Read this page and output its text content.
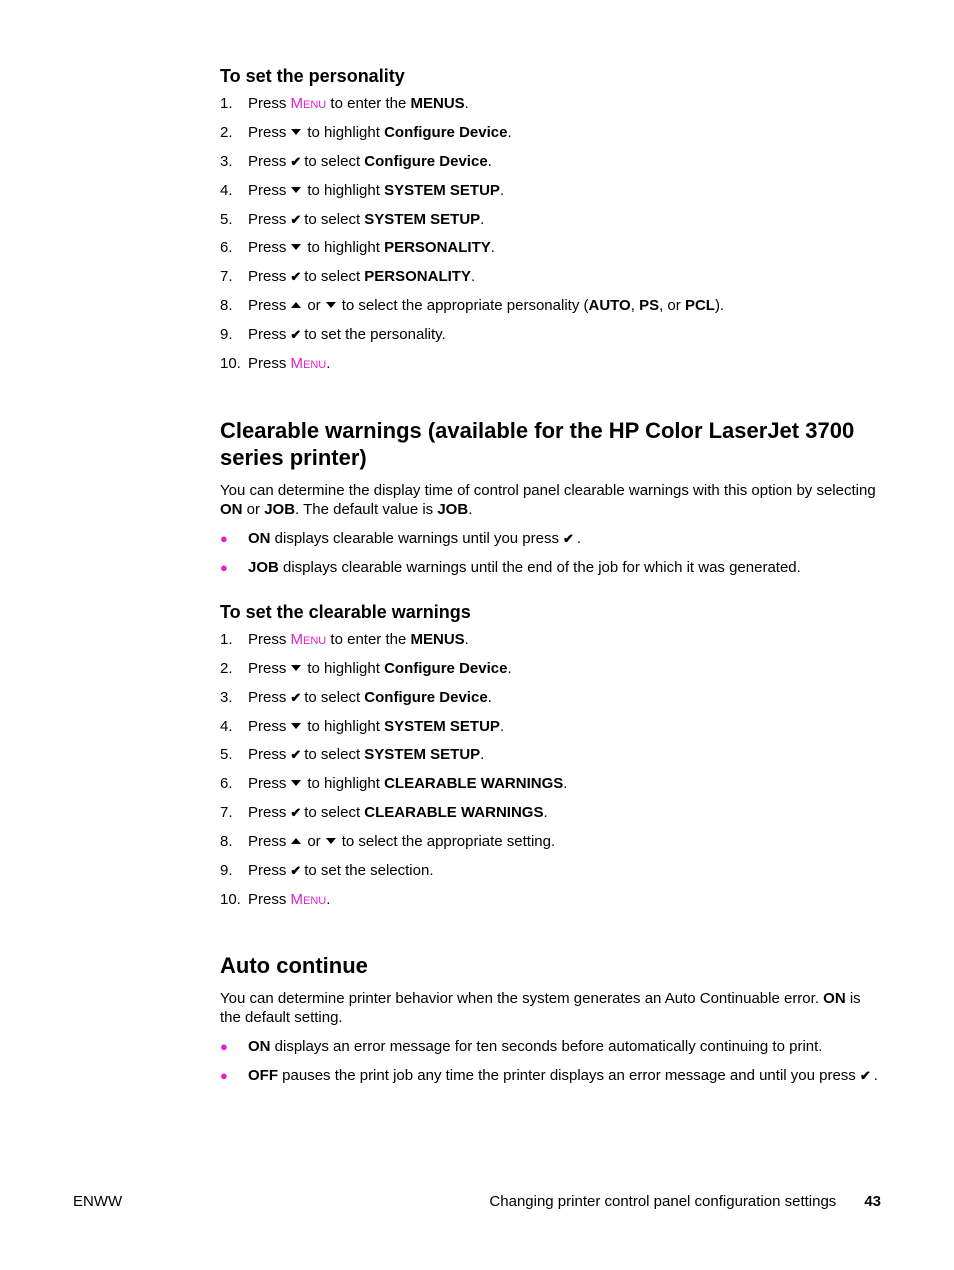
To set the personality
1. Press Menu to enter the MENUS.
2. Press to highlight Configure Device.
3. Press ✔ to select Configure Device.
4. Press to highlight SYSTEM SETUP.
5. Press ✔ to select SYSTEM SETUP.
6. Press to highlight PERSONALITY.
7. Press ✔ to select PERSONALITY.
8. Press or to select the appropriate personality (AUTO, PS, or PCL).
9. Press ✔ to set the personality.
10. Press Menu.
Clearable warnings (available for the HP Color LaserJet 3700 series printer)

You can determine the display time of control panel clearable warnings with this option by selecting ON or JOB. The default value is JOB.

● ON displays clearable warnings until you press ✔ .
● JOB displays clearable warnings until the end of the job for which it was generated.
To set the clearable warnings
1. Press Menu to enter the MENUS.
2. Press to highlight Configure Device.
3. Press ✔ to select Configure Device.
4. Press to highlight SYSTEM SETUP.
5. Press ✔ to select SYSTEM SETUP.
6. Press to highlight CLEARABLE WARNINGS.
7. Press ✔ to select CLEARABLE WARNINGS.
8. Press or to select the appropriate setting.
9. Press ✔ to set the selection.
10. Press Menu.
Auto continue

You can determine printer behavior when the system generates an Auto Continuable error. ON is the default setting.

● ON displays an error message for ten seconds before automatically continuing to print.
● OFF pauses the print job any time the printer displays an error message and until you press ✔ .
ENWW	Changing printer control panel configuration settings 43
